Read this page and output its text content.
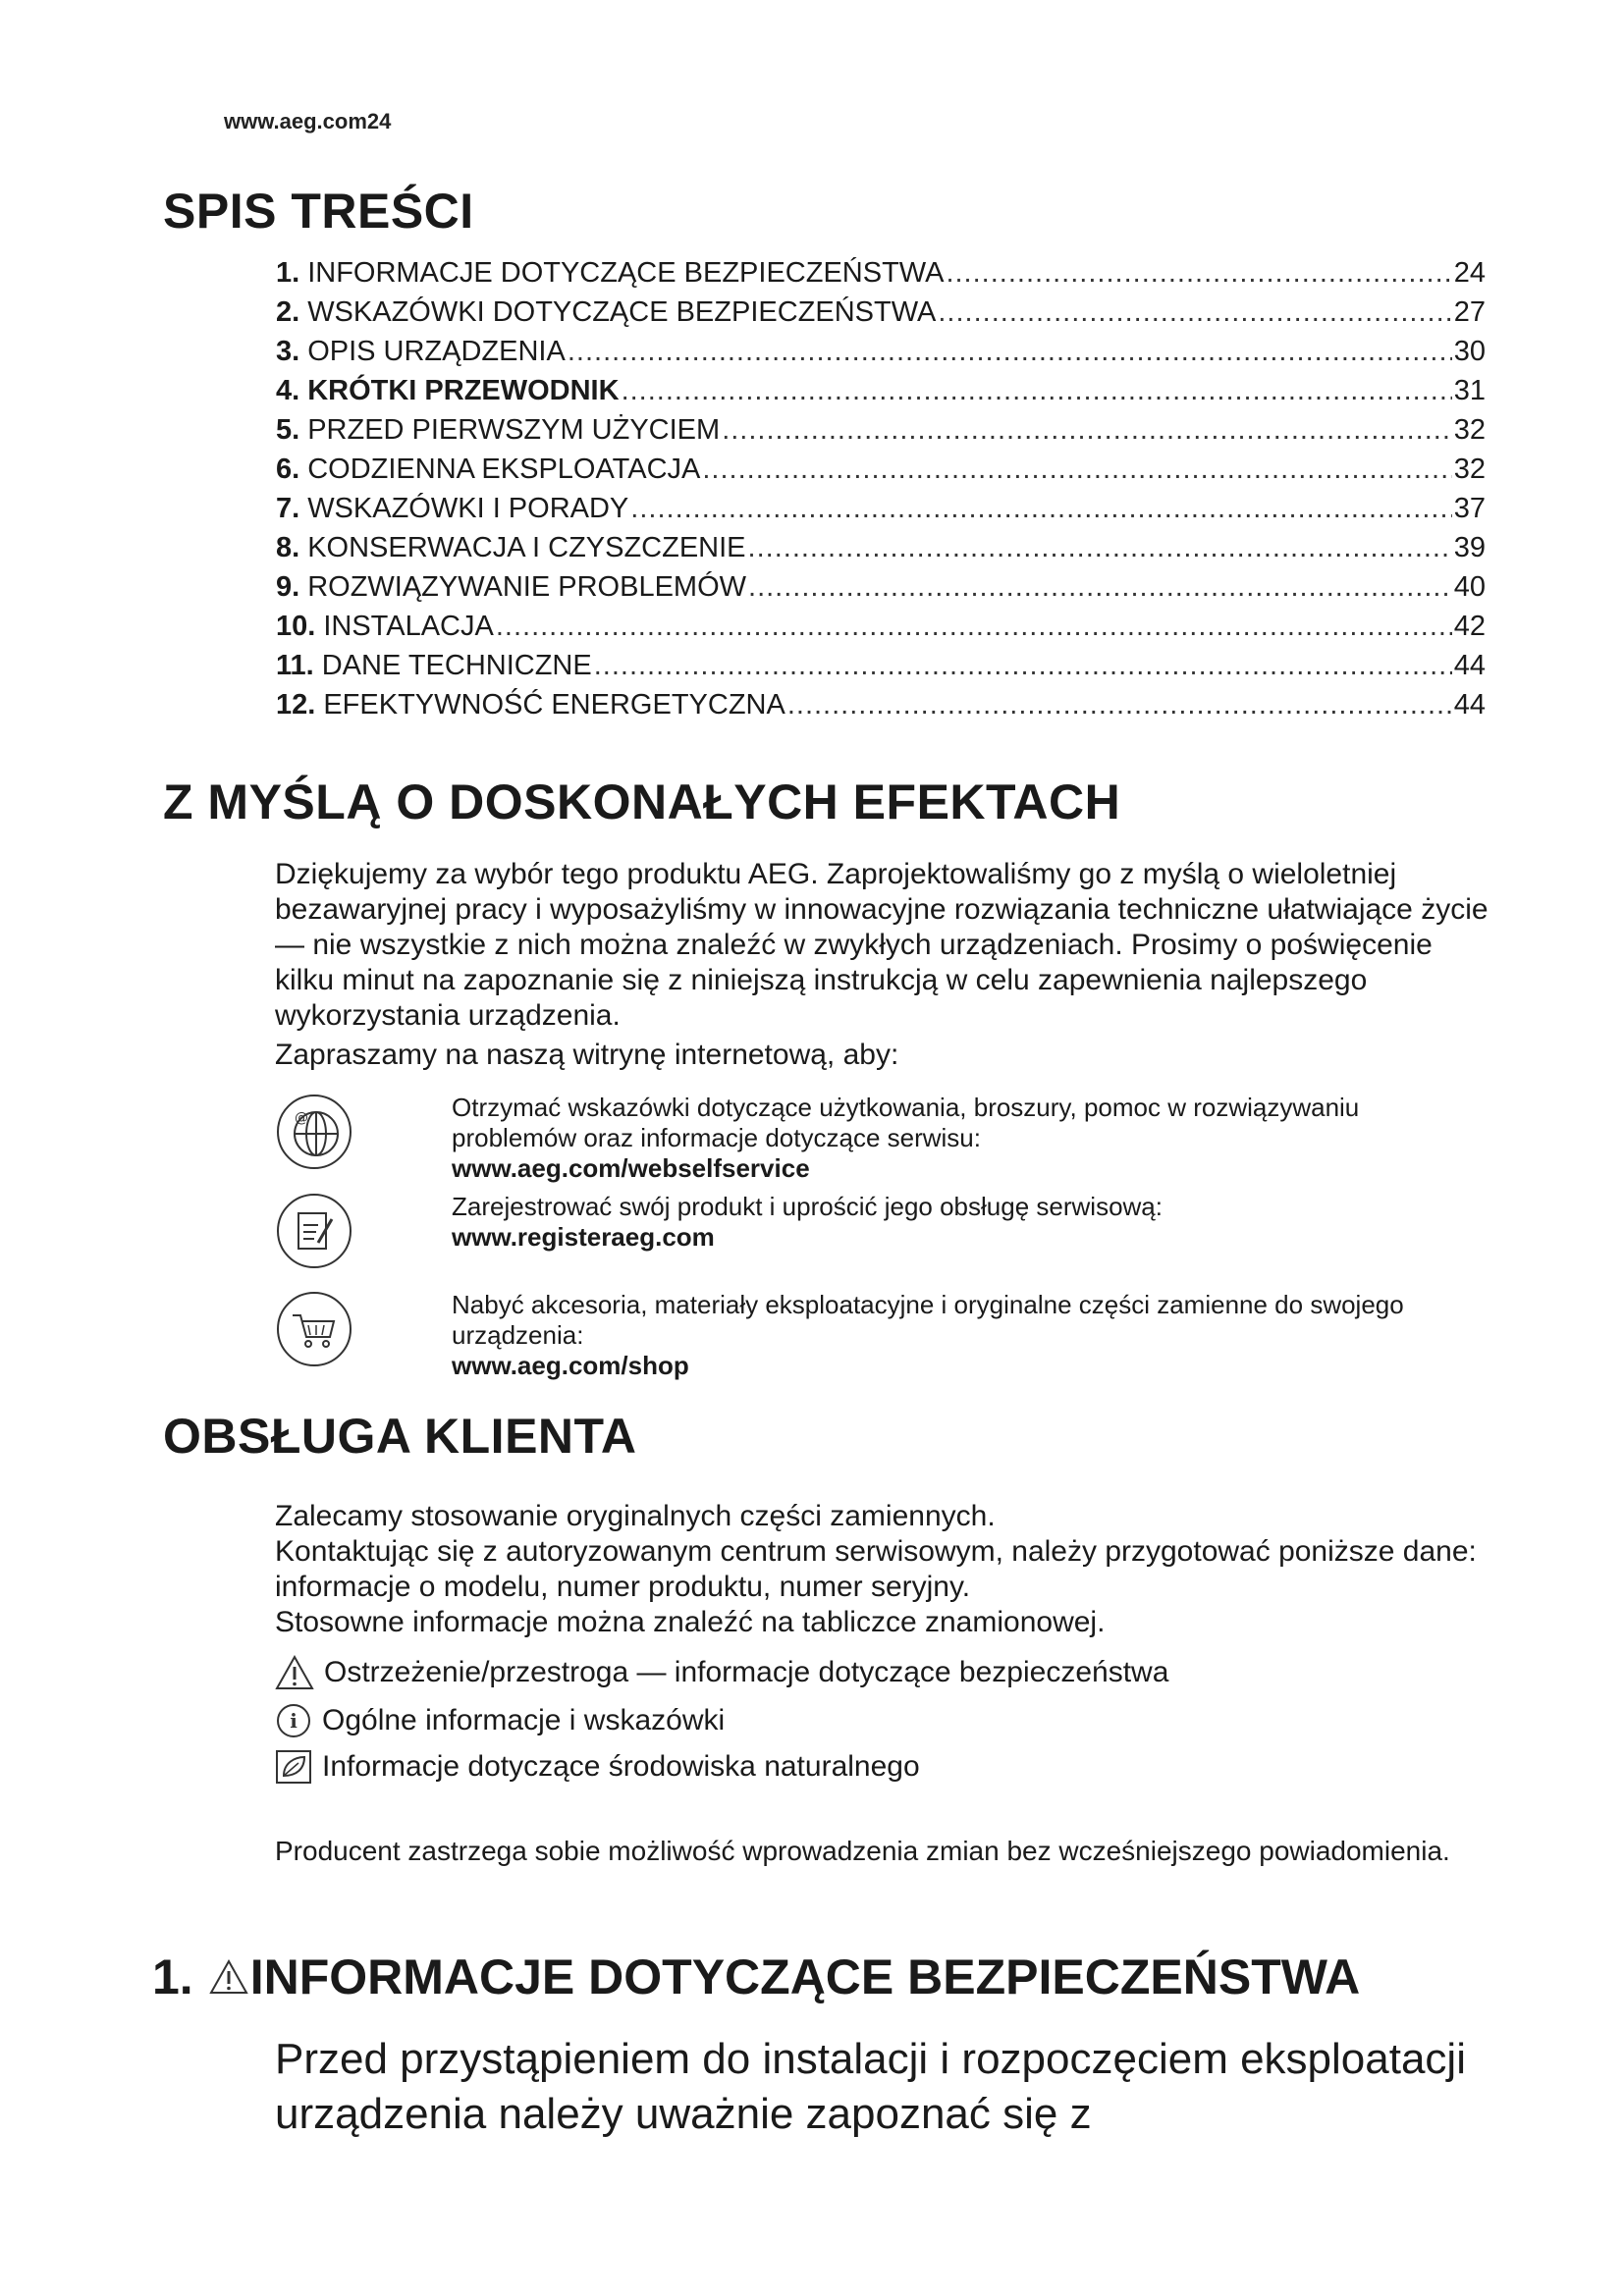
www.aeg.com24
SPIS TREŚCI
1. INFORMACJE DOTYCZĄCE BEZPIECZEŃSTWA .....	24
2. WSKAZÓWKI DOTYCZĄCE BEZPIECZEŃSTWA .....	27
3. OPIS URZĄDZENIA .....	30
4. KRÓTKI PRZEWODNIK .....	31
5. PRZED PIERWSZYM UŻYCIEM .....	32
6. CODZIENNA EKSPLOATACJA .....	32
7. WSKAZÓWKI I PORADY .....	37
8. KONSERWACJA I CZYSZCZENIE .....	39
9. ROZWIĄZYWANIE PROBLEMÓW .....	40
10. INSTALACJA .....	42
11. DANE TECHNICZNE .....	44
12. EFEKTYWNOŚĆ ENERGETYCZNA .....	44
Z MYŚLĄ O DOSKONAŁYCH EFEKTACH

Dziękujemy za wybór tego produktu AEG. Zaprojektowaliśmy go z myślą o wieloletniej bezawaryjnej pracy i wyposażyliśmy w innowacyjne rozwiązania techniczne ułatwiające życie — nie wszystkie z nich można znaleźć w zwykłych urządzeniach. Prosimy o poświęcenie kilku minut na zapoznanie się z niniejszą instrukcją w celu zapewnienia najlepszego wykorzystania urządzenia.

Zapraszamy na naszą witrynę internetową, aby:

@	Otrzymać wskazówki dotyczące użytkowania, broszury, pomoc w rozwiązywaniu problemów oraz informacje dotyczące serwisu:
www.aeg.com/webselfservice
Zarejestrować swój produkt i uprościć jego obsługę serwisową:
www.registeraeg.com
Nabyć akcesoria, materiały eksploatacyjne i oryginalne części zamienne do swojego urządzenia:
www.aeg.com/shop
OBSŁUGA KLIENTA

Zalecamy stosowanie oryginalnych części zamiennych.

Kontaktując się z autoryzowanym centrum serwisowym, należy przygotować poniższe dane: informacje o modelu, numer produktu, numer seryjny.

Stosowne informacje można znaleźć na tabliczce znamionowej.

Ostrzeżenie/przestroga — informacje dotyczące bezpieczeństwa
i Ogólne informacje i wskazówki
Informacje dotyczące środowiska naturalnego

Producent zastrzega sobie możliwość wprowadzenia zmian bez wcześniejszego powiadomienia.

1. INFORMACJE DOTYCZĄCE BEZPIECZEŃSTWA

Przed przystąpieniem do instalacji i rozpoczęciem eksploatacji urządzenia należy uważnie zapoznać się z
